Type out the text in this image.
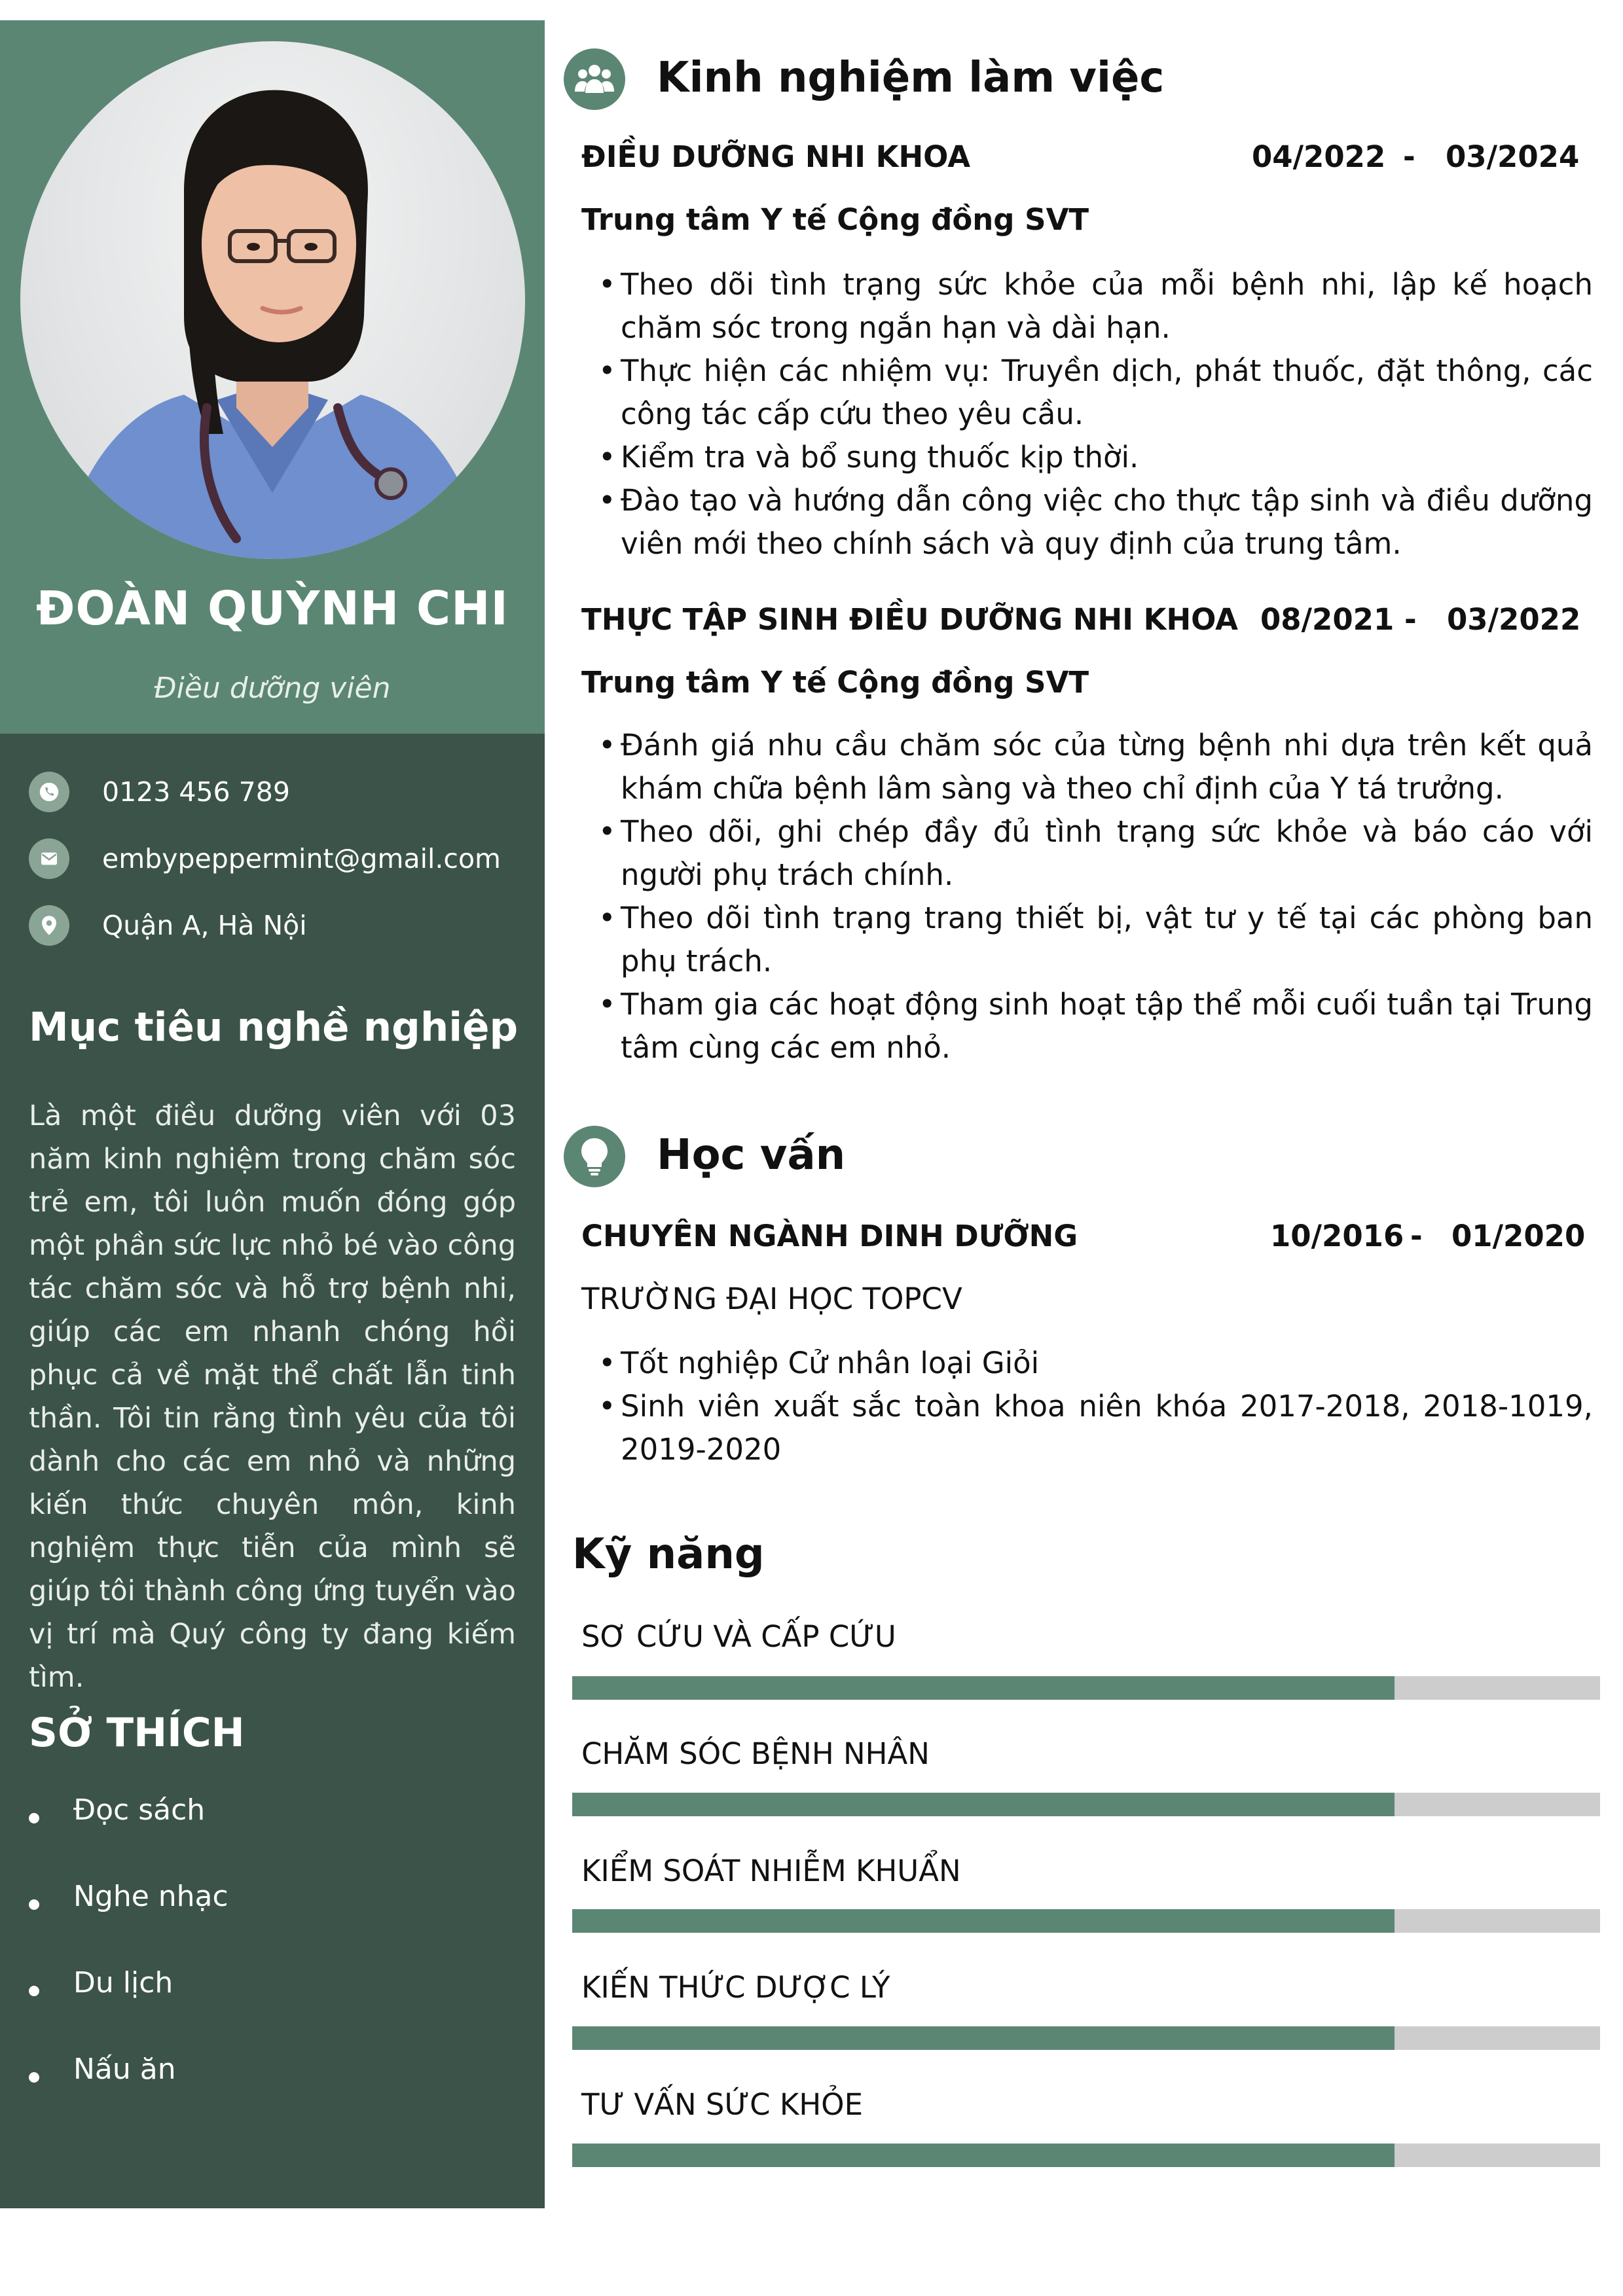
ĐOÀN QUỲNH CHI
Điều dưỡng viên
0123 456 789
embypeppermint@gmail.com
Quận A, Hà Nội
Mục tiêu nghề nghiệp
Là một điều dưỡng viên với 03 năm kinh nghiệm trong chăm sóc trẻ em, tôi luôn muốn đóng góp một phần sức lực nhỏ bé vào công tác chăm sóc và hỗ trợ bệnh nhi, giúp các em nhanh chóng hồi phục cả về mặt thể chất lẫn tinh thần. Tôi tin rằng tình yêu của tôi dành cho các em nhỏ và những kiến thức chuyên môn, kinh nghiệm thực tiễn của mình sẽ giúp tôi thành công ứng tuyển vào vị trí mà Quý công ty đang kiếm tìm.
SỞ THÍCH
Đọc sách
Nghe nhạc
Du lịch
Nấu ăn
Kinh nghiệm làm việc
ĐIỀU DƯỠNG NHI KHOA	04/2022 - 03/2024
Trung tâm Y tế Cộng đồng SVT
• Theo dõi tình trạng sức khỏe của mỗi bệnh nhi, lập kế hoạch chăm sóc trong ngắn hạn và dài hạn.
• Thực hiện các nhiệm vụ: Truyền dịch, phát thuốc, đặt thông, các công tác cấp cứu theo yêu cầu.
• Kiểm tra và bổ sung thuốc kịp thời.
• Đào tạo và hướng dẫn công việc cho thực tập sinh và điều dưỡng viên mới theo chính sách và quy định của trung tâm.
THỰC TẬP SINH ĐIỀU DƯỠNG NHI KHOA 08/2021 - 03/2022
Trung tâm Y tế Cộng đồng SVT
• Đánh giá nhu cầu chăm sóc của từng bệnh nhi dựa trên kết quả khám chữa bệnh lâm sàng và theo chỉ định của Y tá trưởng.
• Theo dõi, ghi chép đầy đủ tình trạng sức khỏe và báo cáo với người phụ trách chính.
• Theo dõi tình trạng trang thiết bị, vật tư y tế tại các phòng ban phụ trách.
• Tham gia các hoạt động sinh hoạt tập thể mỗi cuối tuần tại Trung tâm cùng các em nhỏ.
Học vấn
CHUYÊN NGÀNH DINH DƯỠNG	10/2016 - 01/2020
TRƯỜNG ĐẠI HỌC TOPCV
• Tốt nghiệp Cử nhân loại Giỏi
• Sinh viên xuất sắc toàn khoa niên khóa 2017-2018, 2018-1019, 2019-2020
Kỹ năng
SƠ CỨU VÀ CẤP CỨU
CHĂM SÓC BỆNH NHÂN
KIỂM SOÁT NHIỄM KHUẨN
KIẾN THỨC DƯỢC LÝ
TƯ VẤN SỨC KHỎE
